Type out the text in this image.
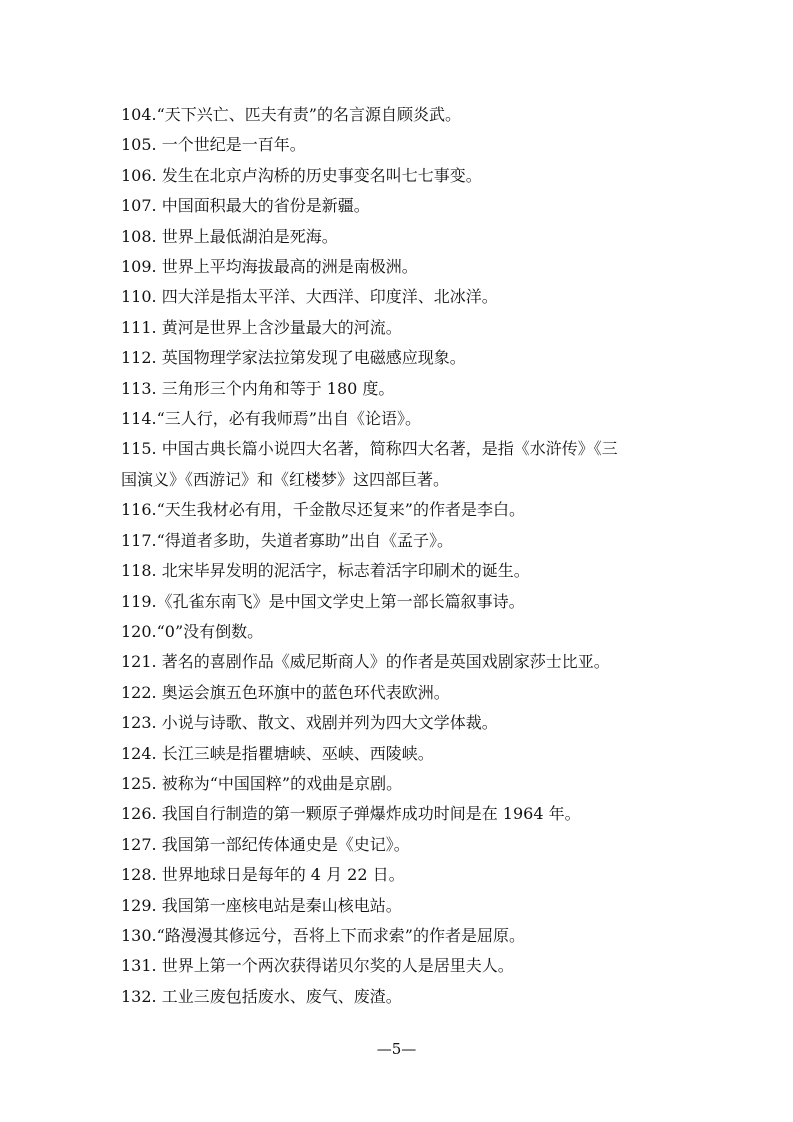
104.“天下兴亡、匹夫有责”的名言源自顾炎武。
105. 一个世纪是一百年。
106. 发生在北京卢沟桥的历史事变名叫七七事变。
107. 中国面积最大的省份是新疆。
108. 世界上最低湖泊是死海。
109. 世界上平均海拔最高的洲是南极洲。
110. 四大洋是指太平洋、大西洋、印度洋、北冰洋。
111. 黄河是世界上含沙量最大的河流。
112. 英国物理学家法拉第发现了电磁感应现象。
113. 三角形三个内角和等于 180 度。
114.“三人行，必有我师焉”出自《论语》。
115. 中国古典长篇小说四大名著，简称四大名著，是指《水浒传》《三
国演义》《西游记》和《红楼梦》这四部巨著。
116.“天生我材必有用，千金散尽还复来”的作者是李白。
117.“得道者多助，失道者寡助”出自《孟子》。
118. 北宋毕昇发明的泥活字，标志着活字印刷术的诞生。
119.《孔雀东南飞》是中国文学史上第一部长篇叙事诗。
120.“0”没有倒数。
121. 著名的喜剧作品《威尼斯商人》的作者是英国戏剧家莎士比亚。
122. 奥运会旗五色环旗中的蓝色环代表欧洲。
123. 小说与诗歌、散文、戏剧并列为四大文学体裁。
124. 长江三峡是指瞿塘峡、巫峡、西陵峡。
125. 被称为“中国国粹”的戏曲是京剧。
126. 我国自行制造的第一颗原子弹爆炸成功时间是在 1964 年。
127. 我国第一部纪传体通史是《史记》。
128. 世界地球日是每年的 4 月 22 日。
129. 我国第一座核电站是秦山核电站。
130.“路漫漫其修远兮，吾将上下而求索”的作者是屈原。
131. 世界上第一个两次获得诺贝尔奖的人是居里夫人。
132. 工业三废包括废水、废气、废渣。
—5—
